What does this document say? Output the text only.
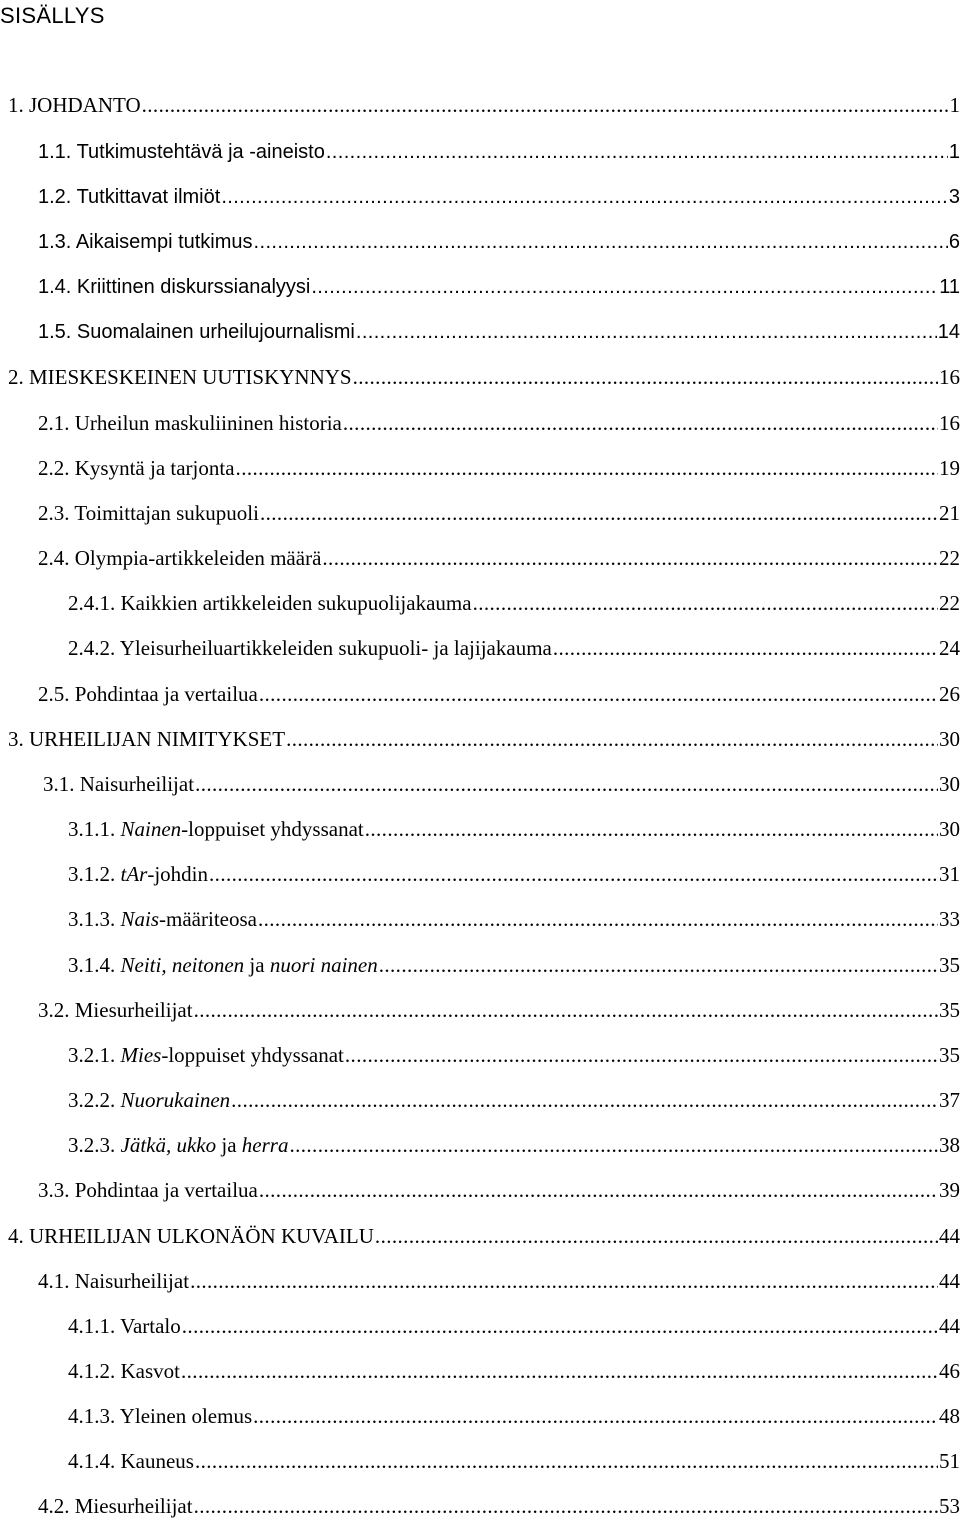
SISÄLLYS
1. JOHDANTO .....	1
1.1. Tutkimustehtävä ja -aineisto .....	1
1.2. Tutkittavat ilmiöt .....	3
1.3. Aikaisempi tutkimus .....	6
1.4. Kriittinen diskurssianalyysi .....	11
1.5. Suomalainen urheilujournalismi .....	14
2. MIESKESKEINEN UUTISKYNNYS .....	16
2.1. Urheilun maskuliininen historia .....	16
2.2. Kysyntä ja tarjonta .....	19
2.3. Toimittajan sukupuoli .....	21
2.4. Olympia-artikkeleiden määrä .....	22
2.4.1. Kaikkien artikkeleiden sukupuolijakauma .....	22
2.4.2. Yleisurheiluartikkeleiden sukupuoli- ja lajijakauma .....	24
2.5. Pohdintaa ja vertailua .....	26
3. URHEILIJAN NIMITYKSET .....	30
3.1. Naisurheilijat .....	30
3.1.1. Nainen-loppuiset yhdyssanat .....	30
3.1.2. tAr-johdin .....	31
3.1.3. Nais-määriteosa .....	33
3.1.4. Neiti, neitonen ja nuori nainen .....	35
3.2. Miesurheilijat .....	35
3.2.1. Mies-loppuiset yhdyssanat .....	35
3.2.2. Nuorukainen .....	37
3.2.3. Jätkä, ukko ja herra .....	38
3.3. Pohdintaa ja vertailua .....	39
4. URHEILIJAN ULKONÄÖN KUVAILU .....	44
4.1. Naisurheilijat .....	44
4.1.1. Vartalo .....	44
4.1.2. Kasvot .....	46
4.1.3. Yleinen olemus .....	48
4.1.4. Kauneus .....	51
4.2. Miesurheilijat .....	53
